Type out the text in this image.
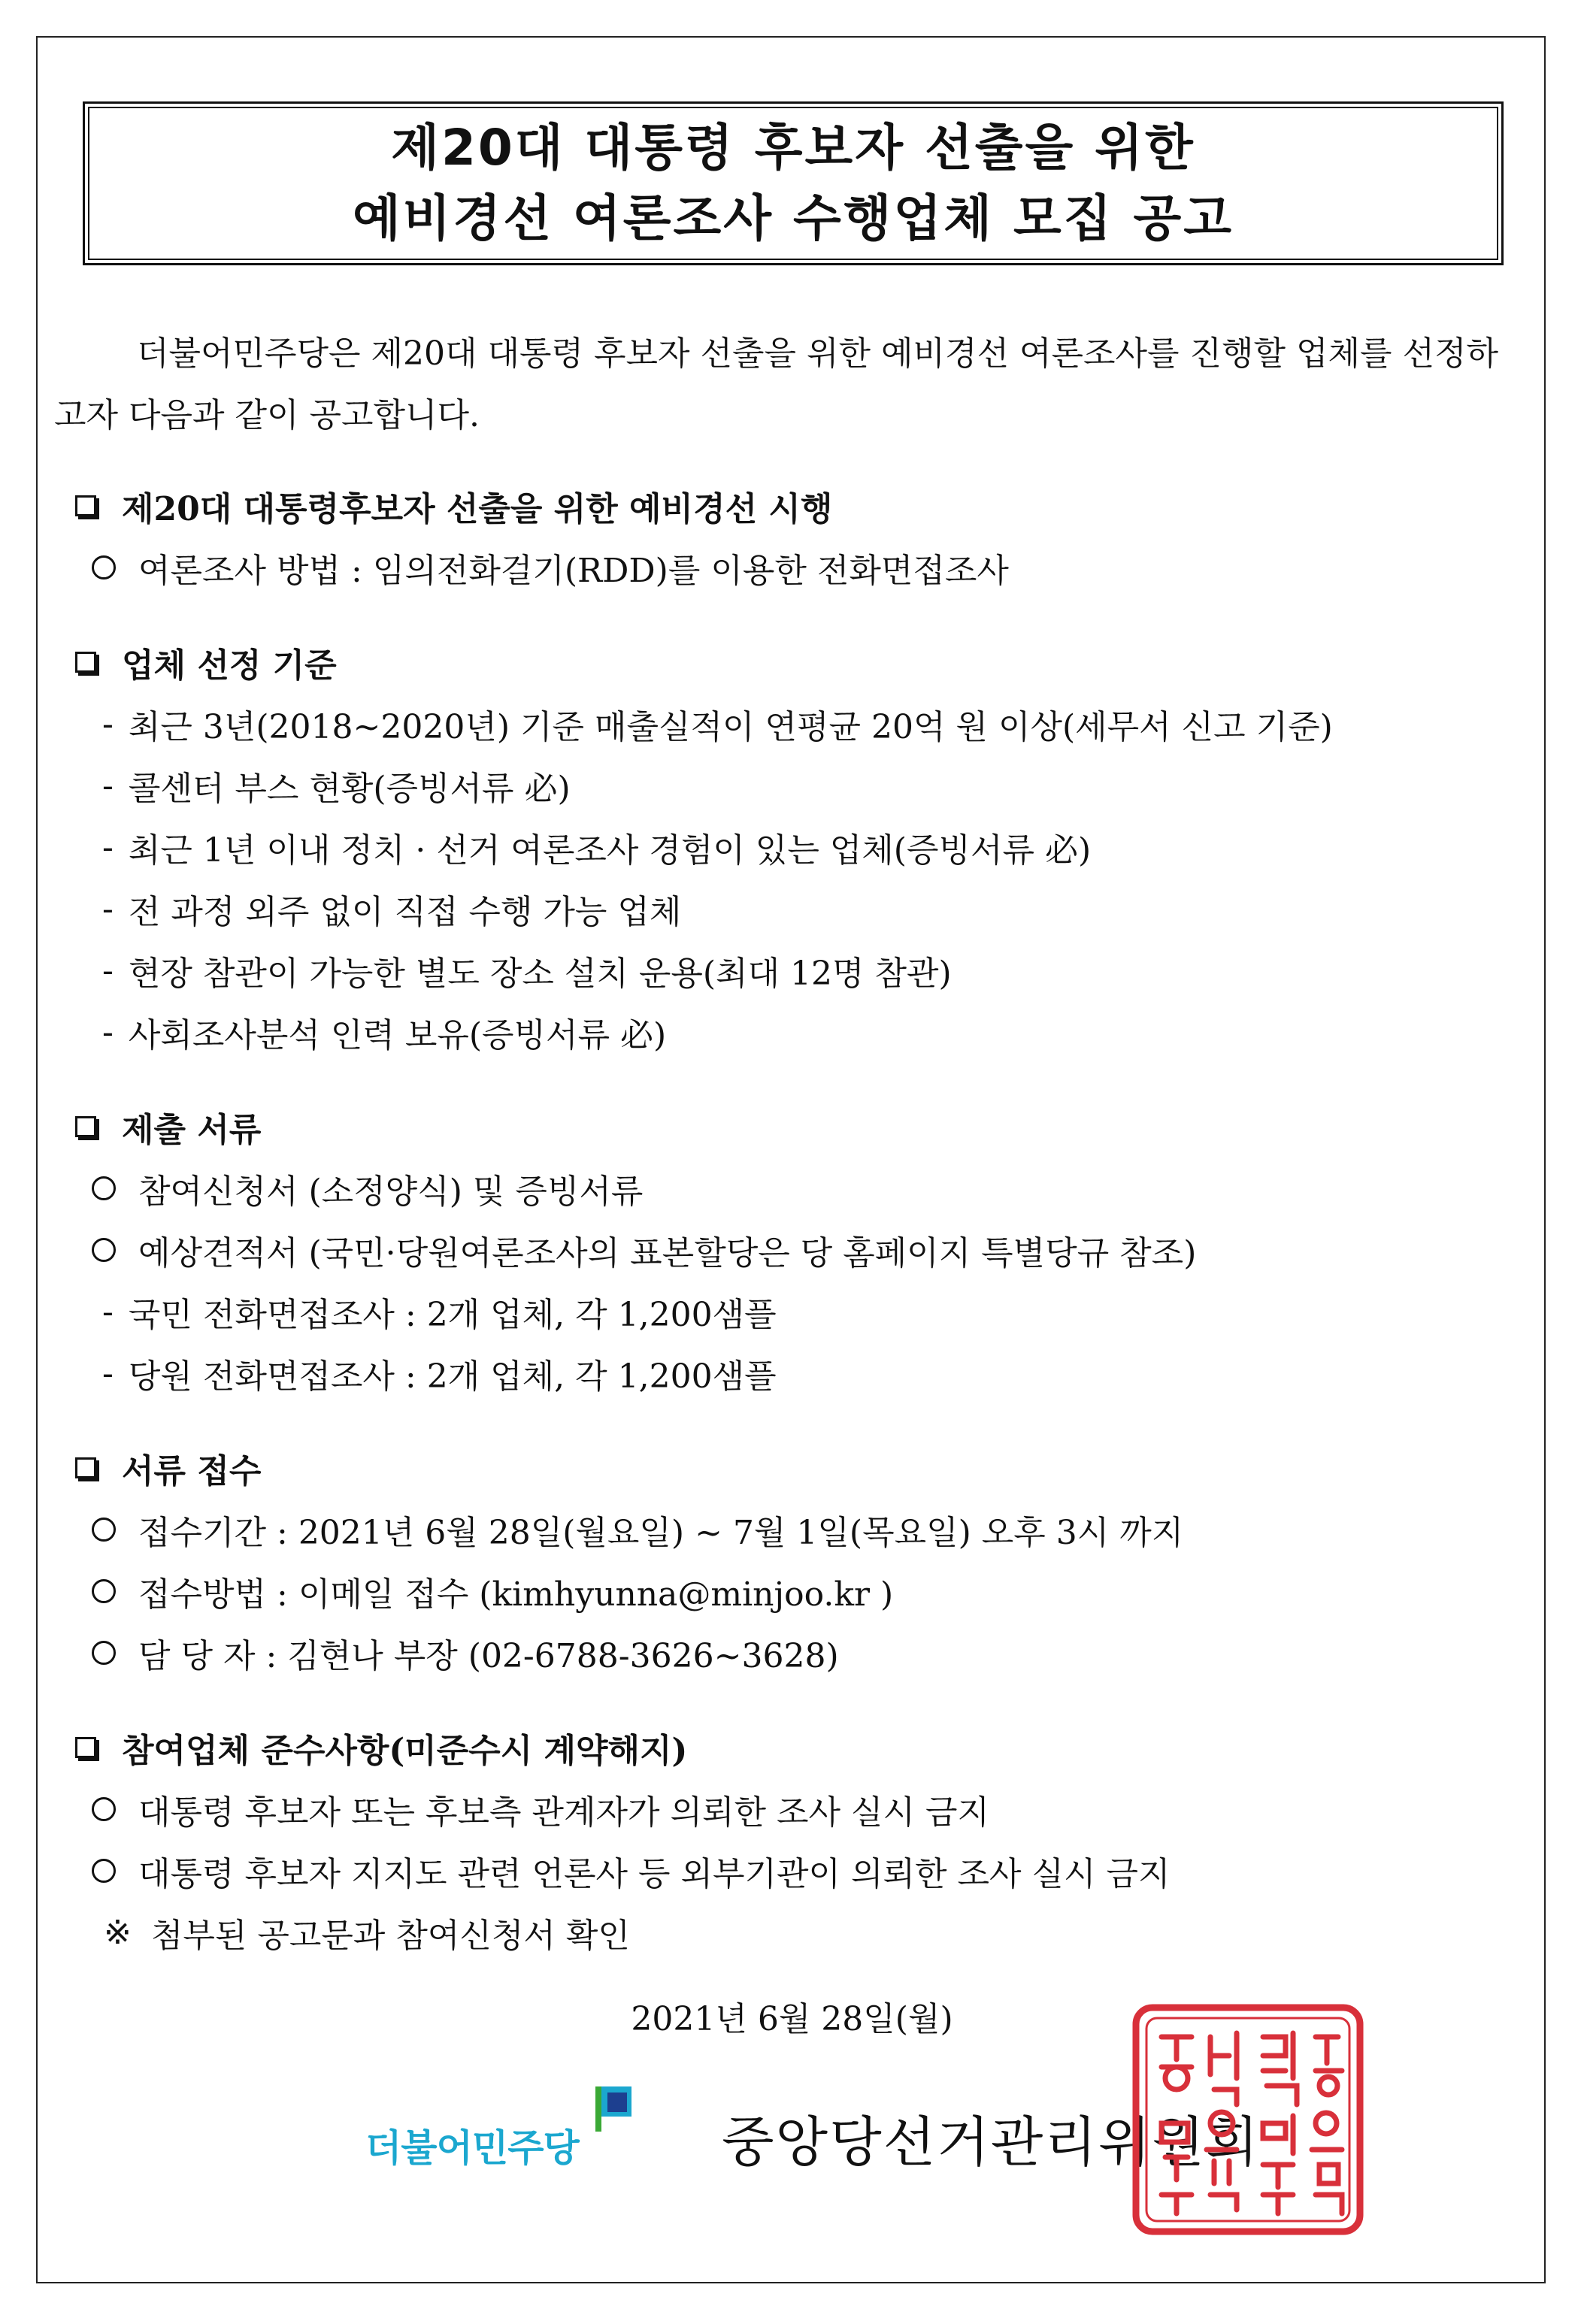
제20대 대통령 후보자 선출을 위한
예비경선 여론조사 수행업체 모집 공고

더불어민주당은 제20대 대통령 후보자 선출을 위한 예비경선 여론조사를 진행할 업체를 선정하고자 다음과 같이 공고합니다.

제20대 대통령후보자 선출을 위한 예비경선 시행
여론조사 방법 : 임의전화걸기(RDD)를 이용한 전화면접조사
업체 선정 기준
- 최근 3년(2018~2020년) 기준 매출실적이 연평균 20억 원 이상(세무서 신고 기준)
- 콜센터 부스 현황(증빙서류 必)
- 최근 1년 이내 정치 · 선거 여론조사 경험이 있는 업체(증빙서류 必)
- 전 과정 외주 없이 직접 수행 가능 업체
- 현장 참관이 가능한 별도 장소 설치 운용(최대 12명 참관)
- 사회조사분석 인력 보유(증빙서류 必)
제출 서류
참여신청서 (소정양식) 및 증빙서류
예상견적서 (국민·당원여론조사의 표본할당은 당 홈페이지 특별당규 참조)
- 국민 전화면접조사 : 2개 업체, 각 1,200샘플
- 당원 전화면접조사 : 2개 업체, 각 1,200샘플
서류 접수
접수기간 : 2021년 6월 28일(월요일) ~ 7월 1일(목요일) 오후 3시 까지
접수방법 : 이메일 접수 (kimhyunna@minjoo.kr )
담 당 자 : 김현나 부장 (02-6788-3626~3628)
참여업체 준수사항(미준수시 계약해지)
대통령 후보자 또는 후보측 관계자가 의뢰한 조사 실시 금지
대통령 후보자 지지도 관련 언론사 등 외부기관이 의뢰한 조사 실시 금지
※ 첨부된 공고문과 참여신청서 확인
2021년 6월 28일(월)
더불어민주당	중앙당선거관리위원회
